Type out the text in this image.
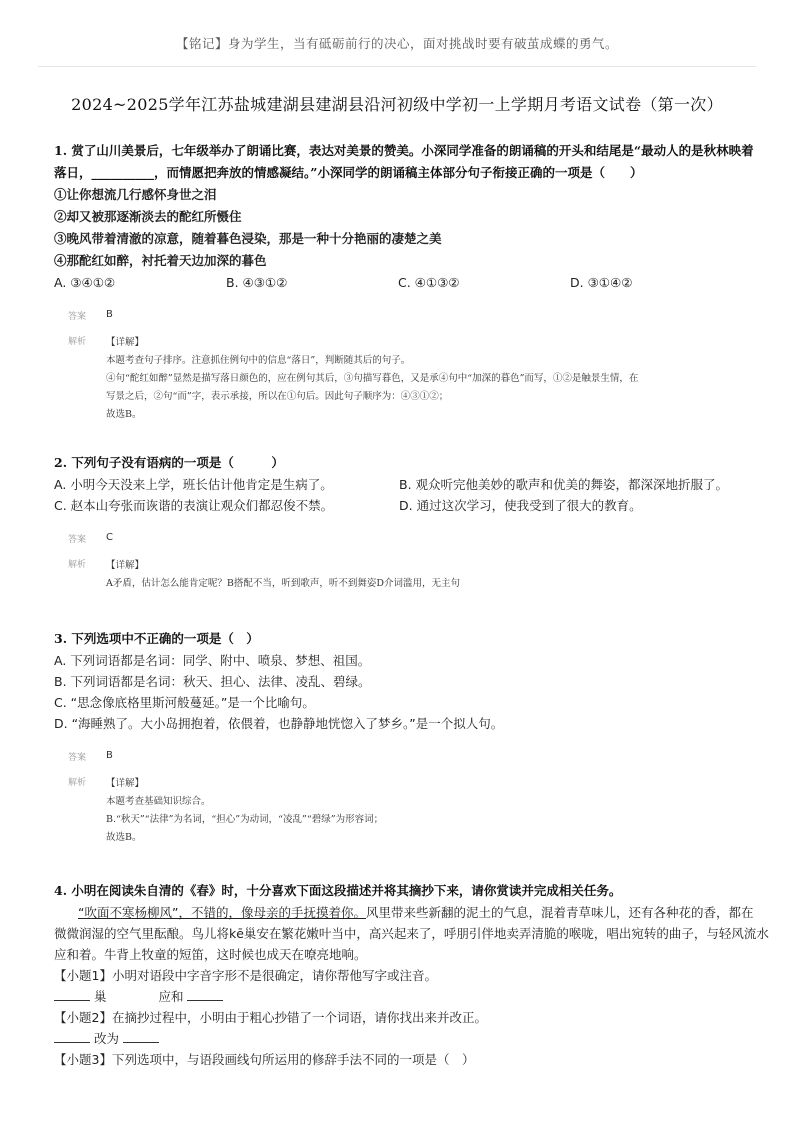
【铭记】身为学生，当有砥砺前行的决心，面对挑战时要有破茧成蝶的勇气。
2024~2025学年江苏盐城建湖县建湖县沿河初级中学初一上学期月考语文试卷（第一次）
1. 赏了山川美景后，七年级举办了朗诵比赛，表达对美景的赞美。小深同学准备的朗诵稿的开头和结尾是“最动人的是秋林映着
落日，__________，而情愿把奔放的情感凝结。”小深同学的朗诵稿主体部分句子衔接正确的一项是（　　）
①让你想流几行感怀身世之泪
②却又被那逐渐淡去的酡红所慑住
③晚风带着清澈的凉意，随着暮色浸染，那是一种十分艳丽的凄楚之美
④那酡红如醉，衬托着天边加深的暮色
A. ③④①②	B. ④③①②	C. ④①③②	D. ③①④②
答案	B
解析	【详解】

本题考查句子排序。注意抓住例句中的信息“落日”，判断随其后的句子。

④句“酡红如醉”显然是描写落日颜色的，应在例句其后，③句描写暮色，又是承④句中“加深的暮色”而写，①②是触景生情，在

写景之后，②句“而”字，表示承接，所以在①句后。因此句子顺序为：④③①②；

故选B。

2. 下列句子没有语病的一项是（　　　）
A. 小明今天没来上学，班长估计他肯定是生病了。	B. 观众听完他美妙的歌声和优美的舞姿，都深深地折服了。
C. 赵本山夸张而诙谐的表演让观众们都忍俊不禁。	D. 通过这次学习，使我受到了很大的教育。
答案	C
解析	【详解】

A矛盾，估计怎么能肯定呢？B搭配不当，听到歌声，听不到舞姿D介词滥用，无主句

3. 下列选项中不正确的一项是（　）
A. 下列词语都是名词：同学、附中、喷泉、梦想、祖国。
B. 下列词语都是名词：秋天、担心、法律、凌乱、碧绿。
C. “思念像底格里斯河般蔓延。”是一个比喻句。
D. “海睡熟了。大小岛拥抱着，依偎着，也静静地恍惚入了梦乡。”是一个拟人句。
答案	B
解析	【详解】

本题考查基础知识综合。

B.“秋天”“法律”为名词，“担心”为动词，“凌乱”“碧绿”为形容词；

故选B。

4. 小明在阅读朱自清的《春》时，十分喜欢下面这段描述并将其摘抄下来，请你赏读并完成相关任务。
“吹面不寒杨柳风”，不错的，像母亲的手抚摸着你。风里带来些新翻的泥土的气息，混着青草味儿，还有各种花的香，都在
微微润湿的空气里酝酿。鸟儿将kē巢安在繁花嫩叶当中，高兴起来了，呼朋引伴地卖弄清脆的喉咙，唱出宛转的曲子，与轻风流水
应和着。牛背上牧童的短笛，这时候也成天在嘹亮地响。
【小题1】小明对语段中字音字形不是很确定，请你帮他写字或注音。
巢	应和
【小题2】在摘抄过程中，小明由于粗心抄错了一个词语，请你找出来并改正。
改为
【小题3】下列选项中，与语段画线句所运用的修辞手法不同的一项是（　）
